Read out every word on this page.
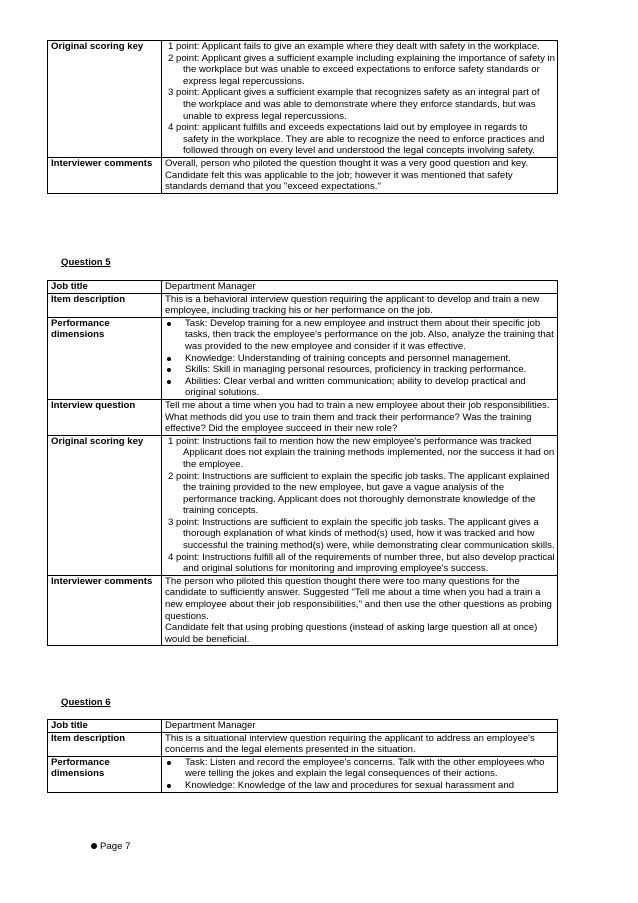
Original scoring key	1 point: Applicant fails to give an example where they dealt with safety in the workplace.
2 point: Applicant gives a sufficient example including explaining the importance of safety in the workplace but was unable to exceed expectations to enforce safety standards or express legal repercussions.
3 point: Applicant gives a sufficient example that recognizes safety as an integral part of the workplace and was able to demonstrate where they enforce standards, but was unable to express legal repercussions.
4 point: applicant fulfills and exceeds expectations laid out by employee in regards to safety in the workplace. They are able to recognize the need to enforce practices and followed through on every level and understood the legal concepts involving safety.

Interviewer comments	Overall, person who piloted the question thought it was a very good question and key. Candidate felt this was applicable to the job; however it was mentioned that safety standards demand that you "exceed expectations."
Question 5
Job title	Department Manager
Item description	This is a behavioral interview question requiring the applicant to develop and train a new employee, including tracking his or her performance on the job.
Performance dimensions	Task: Develop training for a new employee and instruct them about their specific job tasks, then track the employee's performance on the job. Also, analyze the training that was provided to the new employee and consider if it was effective.
Knowledge: Understanding of training concepts and personnel management.
Skills: Skill in managing personal resources, proficiency in tracking performance.
Abilities: Clear verbal and written communication; ability to develop practical and original solutions.

Interview question	Tell me about a time when you had to train a new employee about their job responsibilities. What methods did you use to train them and track their performance? Was the training effective? Did the employee succeed in their new role?
Original scoring key	1 point: Instructions fail to mention how the new employee's performance was tracked Applicant does not explain the training methods implemented, nor the success it had on the employee.
2 point: Instructions are sufficient to explain the specific job tasks. The applicant explained the training provided to the new employee, but gave a vague analysis of the performance tracking. Applicant does not thoroughly demonstrate knowledge of the training concepts.
3 point: Instructions are sufficient to explain the specific job tasks. The applicant gives a thorough explanation of what kinds of method(s) used, how it was tracked and how successful the training method(s) were, while demonstrating clear communication skills.
4 point: Instructions fulfill all of the requirements of number three, but also develop practical and original solutions for monitoring and improving employee's success.

Interviewer comments	The person who piloted this question thought there were too many questions for the candidate to sufficiently answer. Suggested "Tell me about a time when you had a train a new employee about their job responsibilities," and then use the other questions as probing questions.
Candidate felt that using probing questions (instead of asking large question all at once) would be beneficial.
Question 6
Job title	Department Manager
Item description	This is a situational interview question requiring the applicant to address an employee's concerns and the legal elements presented in the situation.
Performance dimensions	Task: Listen and record the employee's concerns. Talk with the other employees who were telling the jokes and explain the legal consequences of their actions.
Knowledge: Knowledge of the law and procedures for sexual harassment and
Page 7
